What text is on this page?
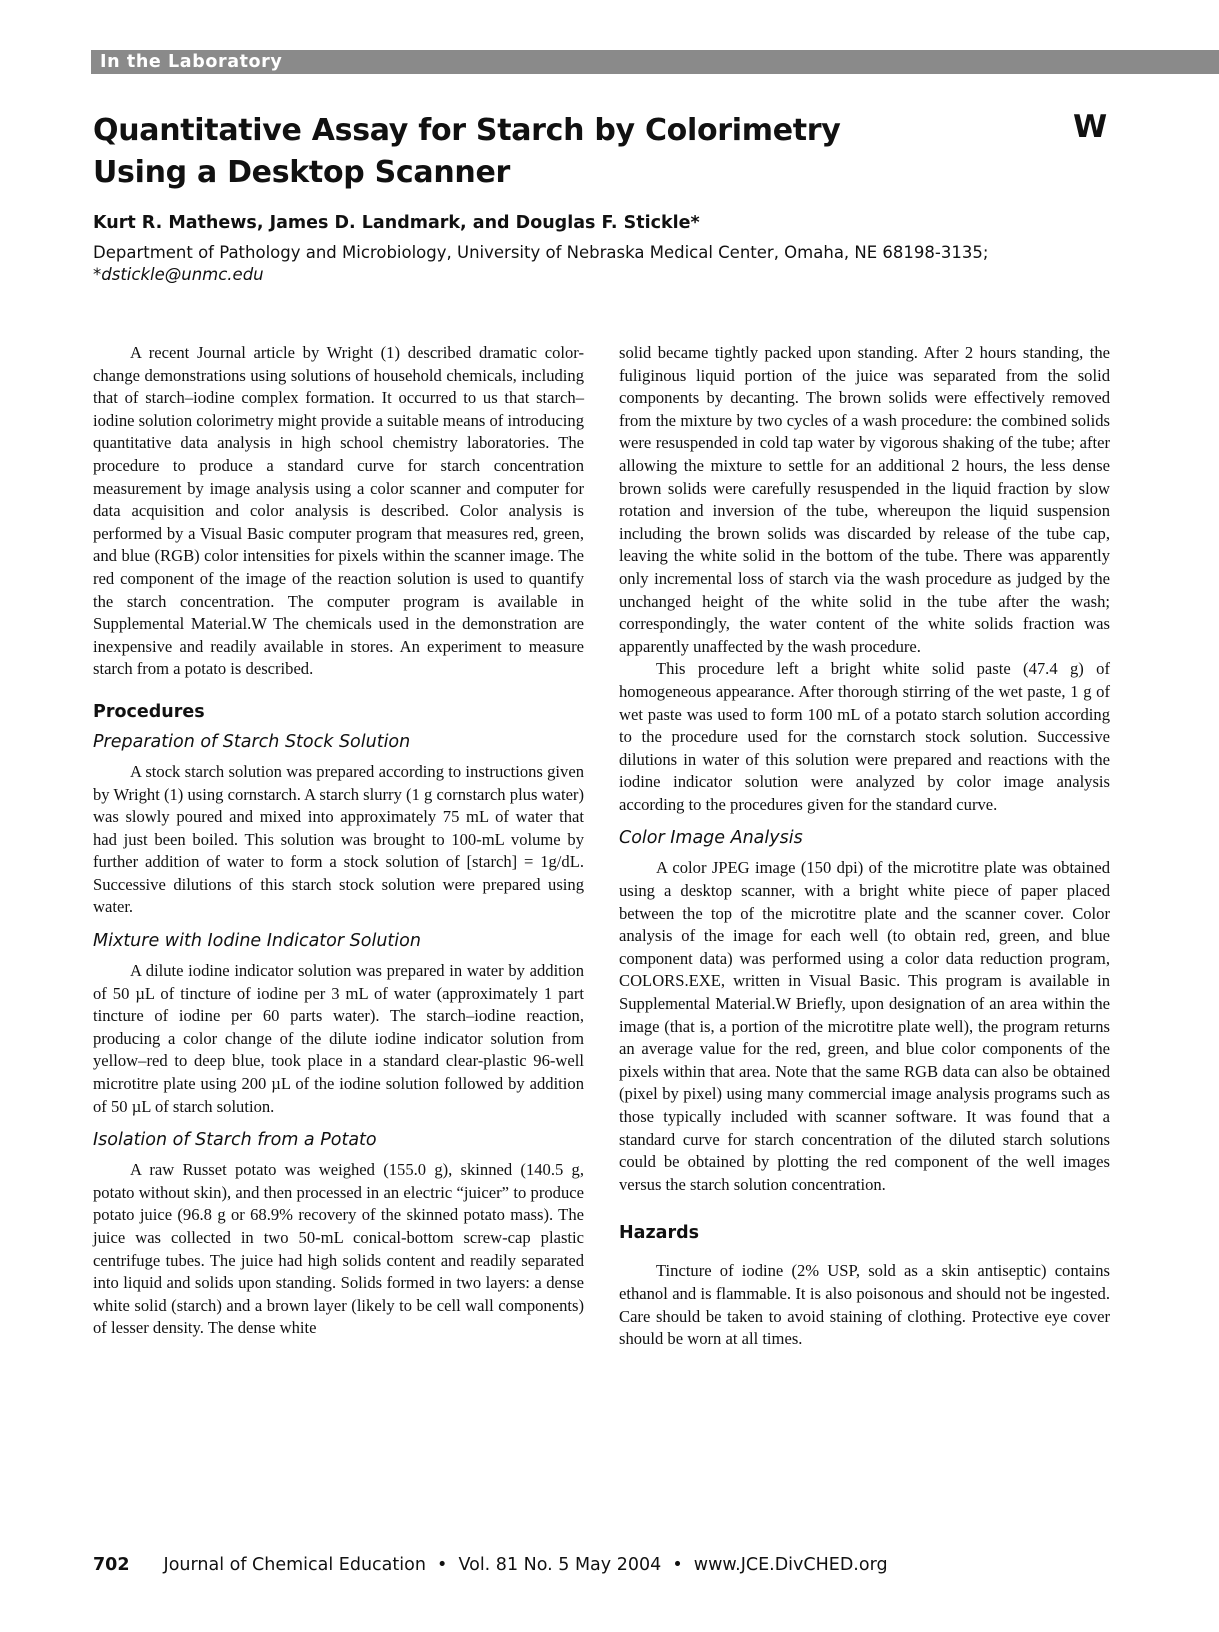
In the Laboratory
Quantitative Assay for Starch by Colorimetry
Using a Desktop Scanner
W

Kurt R. Mathews, James D. Landmark, and Douglas F. Stickle*

Department of Pathology and Microbiology, University of Nebraska Medical Center, Omaha, NE 68198-3135;
*dstickle@unmc.edu

A recent Journal article by Wright (1) described dramatic color-change demonstrations using solutions of household chemicals, including that of starch–iodine complex formation. It occurred to us that starch–iodine solution colorimetry might provide a suitable means of introducing quantitative data analysis in high school chemistry laboratories. The procedure to produce a standard curve for starch concentration measurement by image analysis using a color scanner and computer for data acquisition and color analysis is described. Color analysis is performed by a Visual Basic computer program that measures red, green, and blue (RGB) color intensities for pixels within the scanner image. The red component of the image of the reaction solution is used to quantify the starch concentration. The computer program is available in Supplemental Material.W The chemicals used in the demonstration are inexpensive and readily available in stores. An experiment to measure starch from a potato is described.

Procedures
Preparation of Starch Stock Solution

A stock starch solution was prepared according to instructions given by Wright (1) using cornstarch. A starch slurry (1 g cornstarch plus water) was slowly poured and mixed into approximately 75 mL of water that had just been boiled. This solution was brought to 100-mL volume by further addition of water to form a stock solution of [starch] = 1g/dL. Successive dilutions of this starch stock solution were prepared using water.

Mixture with Iodine Indicator Solution

A dilute iodine indicator solution was prepared in water by addition of 50 µL of tincture of iodine per 3 mL of water (approximately 1 part tincture of iodine per 60 parts water). The starch–iodine reaction, producing a color change of the dilute iodine indicator solution from yellow–red to deep blue, took place in a standard clear-plastic 96-well microtitre plate using 200 µL of the iodine solution followed by addition of 50 µL of starch solution.

Isolation of Starch from a Potato

A raw Russet potato was weighed (155.0 g), skinned (140.5 g, potato without skin), and then processed in an electric “juicer” to produce potato juice (96.8 g or 68.9% recovery of the skinned potato mass). The juice was collected in two 50-mL conical-bottom screw-cap plastic centrifuge tubes. The juice had high solids content and readily separated into liquid and solids upon standing. Solids formed in two layers: a dense white solid (starch) and a brown layer (likely to be cell wall components) of lesser density. The dense white

solid became tightly packed upon standing. After 2 hours standing, the fuliginous liquid portion of the juice was separated from the solid components by decanting. The brown solids were effectively removed from the mixture by two cycles of a wash procedure: the combined solids were resuspended in cold tap water by vigorous shaking of the tube; after allowing the mixture to settle for an additional 2 hours, the less dense brown solids were carefully resuspended in the liquid fraction by slow rotation and inversion of the tube, whereupon the liquid suspension including the brown solids was discarded by release of the tube cap, leaving the white solid in the bottom of the tube. There was apparently only incremental loss of starch via the wash procedure as judged by the unchanged height of the white solid in the tube after the wash; correspondingly, the water content of the white solids fraction was apparently unaffected by the wash procedure.

This procedure left a bright white solid paste (47.4 g) of homogeneous appearance. After thorough stirring of the wet paste, 1 g of wet paste was used to form 100 mL of a potato starch solution according to the procedure used for the cornstarch stock solution. Successive dilutions in water of this solution were prepared and reactions with the iodine indicator solution were analyzed by color image analysis according to the procedures given for the standard curve.

Color Image Analysis

A color JPEG image (150 dpi) of the microtitre plate was obtained using a desktop scanner, with a bright white piece of paper placed between the top of the microtitre plate and the scanner cover. Color analysis of the image for each well (to obtain red, green, and blue component data) was performed using a color data reduction program, COLORS.EXE, written in Visual Basic. This program is available in Supplemental Material.W Briefly, upon designation of an area within the image (that is, a portion of the microtitre plate well), the program returns an average value for the red, green, and blue color components of the pixels within that area. Note that the same RGB data can also be obtained (pixel by pixel) using many commercial image analysis programs such as those typically included with scanner software. It was found that a standard curve for starch concentration of the diluted starch solutions could be obtained by plotting the red component of the well images versus the starch solution concentration.

Hazards

Tincture of iodine (2% USP, sold as a skin antiseptic) contains ethanol and is flammable. It is also poisonous and should not be ingested. Care should be taken to avoid staining of clothing. Protective eye cover should be worn at all times.

702 Journal of Chemical Education  •  Vol. 81 No. 5 May 2004  •  www.JCE.DivCHED.org
